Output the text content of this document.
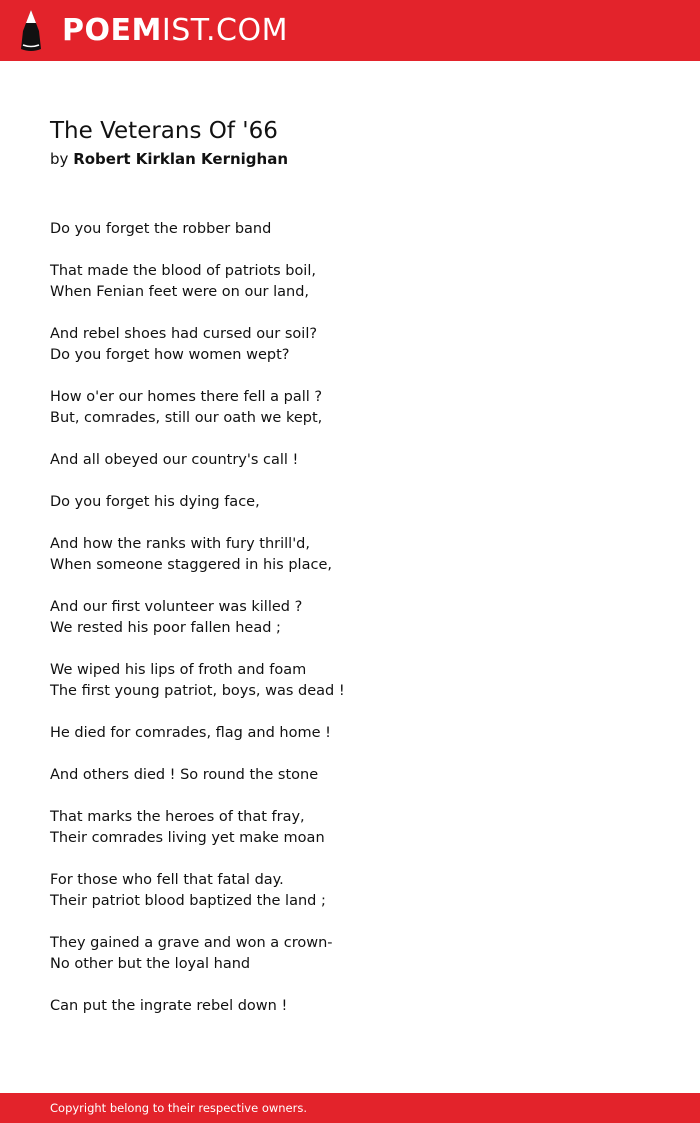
POEMIST.COM
The Veterans Of '66
by Robert Kirklan Kernighan
Do you forget the robber band
That made the blood of patriots boil,
When Fenian feet were on our land,
And rebel shoes had cursed our soil?
Do you forget how women wept?
How o'er our homes there fell a pall ?
But, comrades, still our oath we kept,
And all obeyed our country's call !
Do you forget his dying face,
And how the ranks with fury thrill'd,
When someone staggered in his place,
And our first volunteer was killed ?
We rested his poor fallen head ;
We wiped his lips of froth and foam
The first young patriot, boys, was dead !
He died for comrades, flag and home !
And others died ! So round the stone
That marks the heroes of that fray,
Their comrades living yet make moan
For those who fell that fatal day.
Their patriot blood baptized the land ;
They gained a grave and won a crown-
No other but the loyal hand
Can put the ingrate rebel down !
Copyright belong to their respective owners.
